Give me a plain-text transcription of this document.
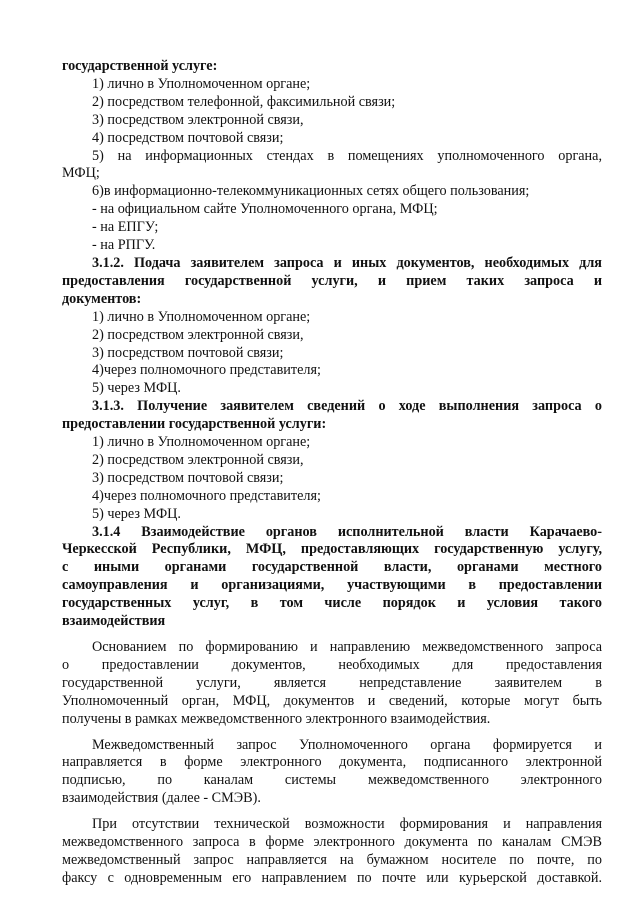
государственной услуге:

1) лично в Уполномоченном органе;

2) посредством телефонной, факсимильной связи;

3) посредством электронной связи,

4) посредством почтовой связи;

5) на информационных стендах в помещениях уполномоченного органа,

МФЦ;

6)в информационно-телекоммуникационных сетях общего пользования;

- на официальном сайте Уполномоченного органа, МФЦ;

- на ЕПГУ;

- на РПГУ.

3.1.2. Подача заявителем запроса и иных документов, необходимых для

предоставления государственной услуги, и прием таких запроса и

документов:

1) лично в Уполномоченном органе;

2) посредством электронной связи,

3) посредством почтовой связи;

4)через полномочного представителя;

5) через МФЦ.

3.1.3. Получение заявителем сведений о ходе выполнения запроса о

предоставлении государственной услуги:

1) лично в Уполномоченном органе;

2) посредством электронной связи,

3) посредством почтовой связи;

4)через полномочного представителя;

5) через МФЦ.

3.1.4 Взаимодействие органов исполнительной власти Карачаево-

Черкесской Республики, МФЦ, предоставляющих государственную услугу,

с иными органами государственной власти, органами местного

самоуправления и организациями, участвующими в предоставлении

государственных услуг, в том числе порядок и условия такого

взаимодействия

Основанием по формированию и направлению межведомственного запроса

о предоставлении документов, необходимых для предоставления

государственной услуги, является непредставление заявителем в

Уполномоченный орган, МФЦ, документов и сведений, которые могут быть

получены в рамках межведомственного электронного взаимодействия.

Межведомственный запрос Уполномоченного органа формируется и

направляется в форме электронного документа, подписанного электронной

подписью, по каналам системы межведомственного электронного

взаимодействия (далее - СМЭВ).

При отсутствии технической возможности формирования и направления

межведомственного запроса в форме электронного документа по каналам СМЭВ

межведомственный запрос направляется на бумажном носителе по почте, по

факсу с одновременным его направлением по почте или курьерской доставкой.
